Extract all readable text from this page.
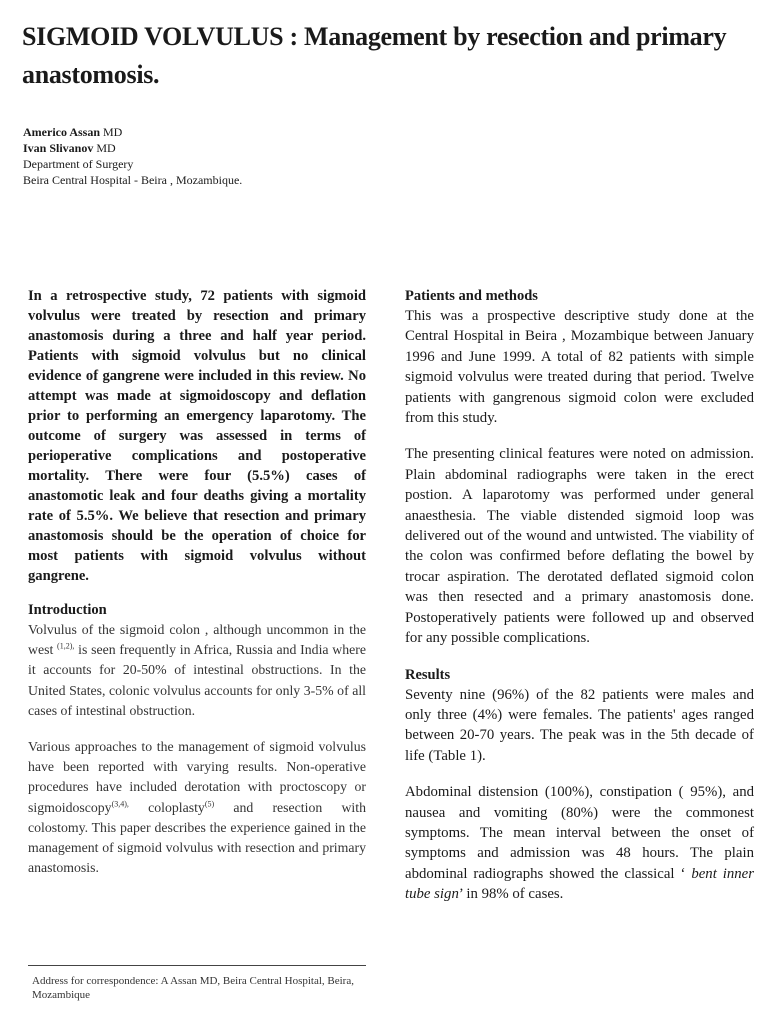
SIGMOID VOLVULUS : Management by resection and primary anastomosis.
Americo Assan MD
Ivan Slivanov MD
Department of Surgery
Beira Central Hospital - Beira , Mozambique.

In a retrospective study, 72 patients with sigmoid volvulus were treated by resection and primary anastomosis during a three and half year period. Patients with sigmoid volvulus but no clinical evidence of gangrene were included in this review. No attempt was made at sigmoidoscopy and deflation prior to performing an emergency laparotomy. The outcome of surgery was assessed in terms of perioperative complications and postoperative mortality. There were four (5.5%) cases of anastomotic leak and four deaths giving a mortality rate of 5.5%. We believe that resection and primary anastomosis should be the operation of choice for most patients with sigmoid volvulus without gangrene.

Introduction

Volvulus of the sigmoid colon , although uncommon in the west $^{(1,2),}$ is seen frequently in Africa, Russia and India where it accounts for 20-50% of intestinal obstructions. In the United States, colonic volvulus accounts for only 3-5% of all cases of intestinal obstruction.

Various approaches to the management of sigmoid volvulus have been reported with varying results. Non-operative procedures have included derotation with proctoscopy or sigmoidoscopy$^{(3,4),}$ coloplasty$^{(5)}$ and resection with colostomy. This paper describes the experience gained in the management of sigmoid volvulus with resection and primary anastomosis.

Patients and methods

This was a prospective descriptive study done at the Central Hospital in Beira , Mozambique between January 1996 and June 1999. A total of 82 patients with simple sigmoid volvulus were treated during that period. Twelve patients with gangrenous sigmoid colon were excluded from this study.

The presenting clinical features were noted on admission. Plain abdominal radiographs were taken in the erect postion. A laparotomy was performed under general anaesthesia. The viable distended sigmoid loop was delivered out of the wound and untwisted. The viability of the colon was confirmed before deflating the bowel by trocar aspiration. The derotated deflated sigmoid colon was then resected and a primary anastomosis done. Postoperatively patients were followed up and observed for any possible complications.

Results

Seventy nine (96%) of the 82 patients were males and only three (4%) were females. The patients' ages ranged between 20-70 years. The peak was in the 5th decade of life (Table 1).

Abdominal distension (100%), constipation ( 95%), and nausea and vomiting (80%) were the commonest symptoms. The mean interval between the onset of symptoms and admission was 48 hours. The plain abdominal radiographs showed the classical ‘ bent inner tube sign’ in 98% of cases.

Address for correspondence: A Assan MD, Beira Central Hospital, Beira, Mozambique
